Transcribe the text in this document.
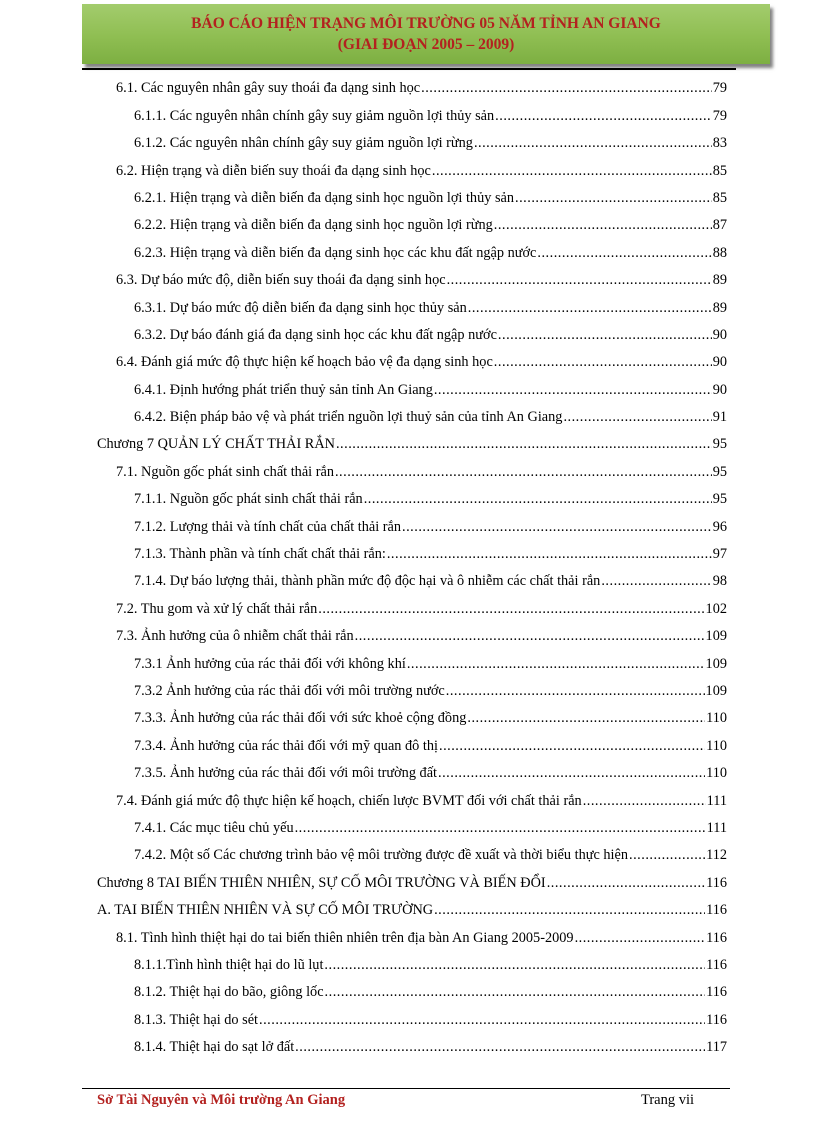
BÁO CÁO HIỆN TRẠNG MÔI TRƯỜNG 05 NĂM TỈNH AN GIANG
(GIAI ĐOẠN 2005 – 2009)
6.1. Các nguyên nhân gây suy thoái đa dạng sinh học .....	79
6.1.1. Các nguyên nhân chính gây suy giảm nguồn lợi thủy sản .....	79
6.1.2. Các nguyên nhân chính gây suy giảm nguồn lợi rừng .....	83
6.2. Hiện trạng và diễn biến suy thoái đa dạng sinh học .....	85
6.2.1. Hiện trạng và diễn biến đa dạng sinh học nguồn lợi thủy sản .....	85
6.2.2. Hiện trạng và diễn biến đa dạng sinh học nguồn lợi rừng .....	87
6.2.3. Hiện trạng và diễn biến đa dạng sinh học các khu đất ngập nước .....	88
6.3. Dự báo mức độ, diễn biến suy thoái đa dạng sinh học .....	89
6.3.1. Dự báo mức độ diễn biến đa dạng sinh học thủy sản .....	89
6.3.2. Dự báo đánh giá đa dạng sinh học các khu đất ngập nước .....	90
6.4. Đánh giá mức độ thực hiện kế hoạch bảo vệ đa dạng sinh học .....	90
6.4.1. Định hướng phát triển thuỷ sản tỉnh An Giang .....	90
6.4.2. Biện pháp bảo vệ và phát triển nguồn lợi thuỷ sản của tỉnh An Giang .....	91
Chương 7 QUẢN LÝ CHẤT THẢI RẮN .....	95
7.1. Nguồn gốc phát sinh chất thải rắn .....	95
7.1.1. Nguồn gốc phát sinh chất thải rắn .....	95
7.1.2. Lượng thải và tính chất của chất thải rắn .....	96
7.1.3. Thành phần và tính chất chất thải rắn: .....	97
7.1.4. Dự báo lượng thải, thành phần mức độ độc hại và ô nhiễm các chất thải rắn .....	98
7.2. Thu gom và xử lý chất thải rắn .....	102
7.3. Ảnh hưởng của ô nhiễm chất thải rắn .....	109
7.3.1 Ảnh hưởng của rác thải đối với không khí .....	109
7.3.2 Ảnh hưởng của rác thải đối với môi trường nước .....	109
7.3.3. Ảnh hưởng của rác thải đối với sức khoẻ cộng đồng .....	110
7.3.4. Ảnh hưởng của rác thải đối với mỹ quan đô thị .....	110
7.3.5. Ảnh hưởng của rác thải đối với môi trường đất .....	110
7.4. Đánh giá mức độ thực hiện kế hoạch, chiến lược BVMT đối với chất thải rắn .....	111
7.4.1. Các mục tiêu chủ yếu .....	111
7.4.2. Một số Các chương trình bảo vệ môi trường được đề xuất và thời biểu thực hiện .....	112
Chương 8 TAI BIẾN THIÊN NHIÊN, SỰ CỐ MÔI TRƯỜNG VÀ BIẾN ĐỔI .....	116
A. TAI BIẾN THIÊN NHIÊN VÀ SỰ CỐ MÔI TRƯỜNG .....	116
8.1. Tình hình thiệt hại do tai biến thiên nhiên trên địa bàn An Giang 2005-2009 .....	116
8.1.1.Tình hình thiệt hại do lũ lụt .....	116
8.1.2. Thiệt hại do bão, giông lốc .....	116
8.1.3. Thiệt hại do sét .....	116
8.1.4. Thiệt hại do sạt lở đất .....	117
Sở Tài Nguyên và Môi trường An Giang	Trang vii
